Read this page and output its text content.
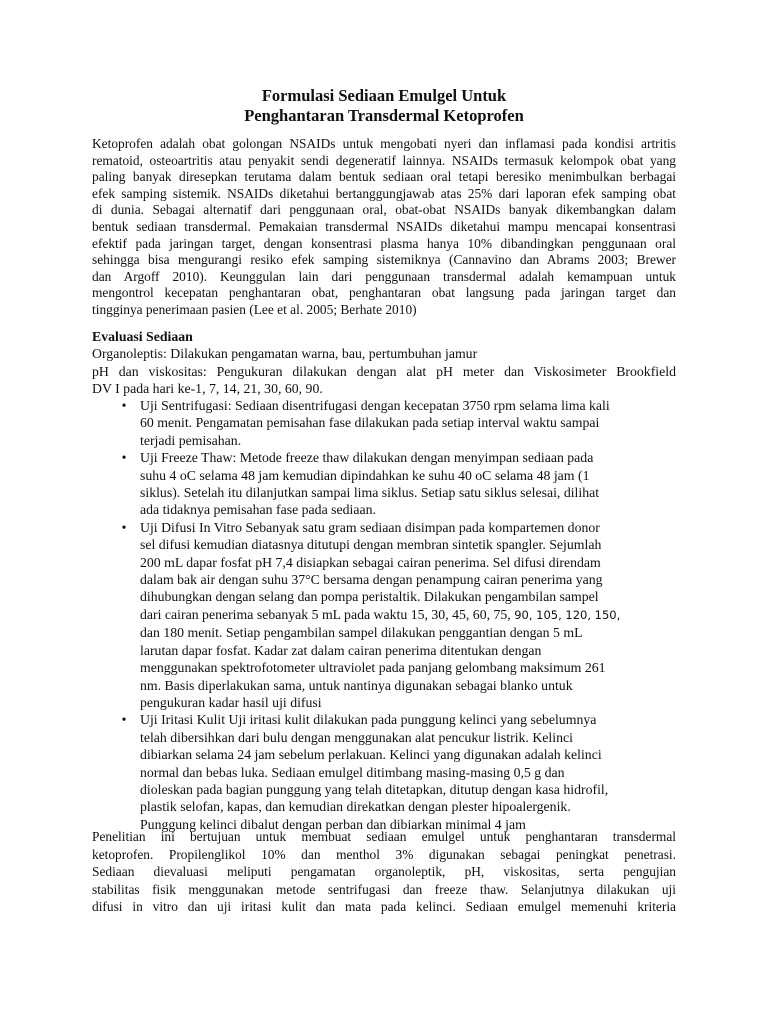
Formulasi Sediaan Emulgel Untuk
Penghantaran Transdermal Ketoprofen
Ketoprofen adalah obat golongan NSAIDs untuk mengobati nyeri dan inflamasi pada kondisi artritis
rematoid, osteoartritis atau penyakit sendi degeneratif lainnya. NSAIDs termasuk kelompok obat yang
paling banyak diresepkan terutama dalam bentuk sediaan oral tetapi beresiko menimbulkan berbagai
efek samping sistemik. NSAIDs diketahui bertanggungjawab atas 25% dari laporan efek samping obat
di dunia. Sebagai alternatif dari penggunaan oral, obat-obat NSAIDs banyak dikembangkan dalam
bentuk sediaan transdermal. Pemakaian transdermal NSAIDs diketahui mampu mencapai konsentrasi
efektif pada jaringan target, dengan konsentrasi plasma hanya 10% dibandingkan penggunaan oral
sehingga bisa mengurangi resiko efek samping sistemiknya (Cannavino dan Abrams 2003; Brewer
dan Argoff 2010). Keunggulan lain dari penggunaan transdermal adalah kemampuan untuk
mengontrol kecepatan penghantaran obat, penghantaran obat langsung pada jaringan target dan
tingginya penerimaan pasien (Lee et al. 2005; Berhate 2010)
Evaluasi Sediaan
Organoleptis: Dilakukan pengamatan warna, bau, pertumbuhan jamur
pH dan viskositas: Pengukuran dilakukan dengan alat pH meter dan Viskosimeter Brookfield
DV I pada hari ke-1, 7, 14, 21, 30, 60, 90.
• Uji Sentrifugasi: Sediaan disentrifugasi dengan kecepatan 3750 rpm selama lima kali
60 menit. Pengamatan pemisahan fase dilakukan pada setiap interval waktu sampai
terjadi pemisahan.
• Uji Freeze Thaw: Metode freeze thaw dilakukan dengan menyimpan sediaan pada
suhu 4 oC selama 48 jam kemudian dipindahkan ke suhu 40 oC selama 48 jam (1
siklus). Setelah itu dilanjutkan sampai lima siklus. Setiap satu siklus selesai, dilihat
ada tidaknya pemisahan fase pada sediaan.
• Uji Difusi In Vitro Sebanyak satu gram sediaan disimpan pada kompartemen donor
sel difusi kemudian diatasnya ditutupi dengan membran sintetik spangler. Sejumlah
200 mL dapar fosfat pH 7,4 disiapkan sebagai cairan penerima. Sel difusi direndam
dalam bak air dengan suhu 37°C bersama dengan penampung cairan penerima yang
dihubungkan dengan selang dan pompa peristaltik. Dilakukan pengambilan sampel
dari cairan penerima sebanyak 5 mL pada waktu 15, 30, 45, 60, 75, 90, 105, 120, 150,
dan 180 menit. Setiap pengambilan sampel dilakukan penggantian dengan 5 mL
larutan dapar fosfat. Kadar zat dalam cairan penerima ditentukan dengan
menggunakan spektrofotometer ultraviolet pada panjang gelombang maksimum 261
nm. Basis diperlakukan sama, untuk nantinya digunakan sebagai blanko untuk
pengukuran kadar hasil uji difusi
• Uji Iritasi Kulit Uji iritasi kulit dilakukan pada punggung kelinci yang sebelumnya
telah dibersihkan dari bulu dengan menggunakan alat pencukur listrik. Kelinci
dibiarkan selama 24 jam sebelum perlakuan. Kelinci yang digunakan adalah kelinci
normal dan bebas luka. Sediaan emulgel ditimbang masing-masing 0,5 g dan
dioleskan pada bagian punggung yang telah ditetapkan, ditutup dengan kasa hidrofil,
plastik selofan, kapas, dan kemudian direkatkan dengan plester hipoalergenik.
Punggung kelinci dibalut dengan perban dan dibiarkan minimal 4 jam
Penelitian ini bertujuan untuk membuat sediaan emulgel untuk penghantaran transdermal
ketoprofen. Propilenglikol 10% dan menthol 3% digunakan sebagai peningkat penetrasi.
Sediaan dievaluasi meliputi pengamatan organoleptik, pH, viskositas, serta pengujian
stabilitas fisik menggunakan metode sentrifugasi dan freeze thaw. Selanjutnya dilakukan uji
difusi in vitro dan uji iritasi kulit dan mata pada kelinci. Sediaan emulgel memenuhi kriteria
